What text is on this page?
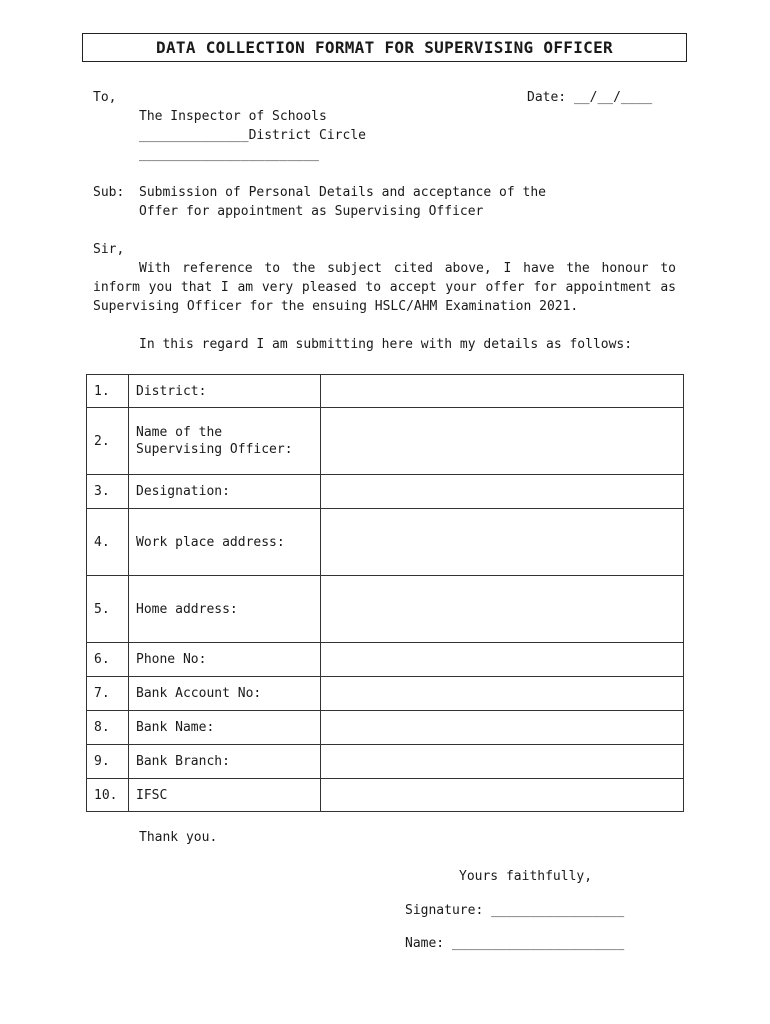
DATA COLLECTION FORMAT FOR SUPERVISING OFFICER
To,	Date: __/__/____
The Inspector of Schools
______________District Circle
_______________________
Sub: Submission of Personal Details and acceptance of the
Offer for appointment as Supervising Officer
Sir,
With reference to the subject cited above, I have the honour to inform you that I am very pleased to accept your offer for appointment as Supervising Officer for the ensuing HSLC/AHM Examination 2021.
In this regard I am submitting here with my details as follows:
1.	District:	
2.	Name of the Supervising Officer:	
3.	Designation:	
4.	Work place address:	
5.	Home address:	
6.	Phone No:	
7.	Bank Account No:	
8.	Bank Name:	
9.	Bank Branch:	
10.	IFSC	
Thank you.
Yours faithfully,
Signature: _________________
Name: ______________________
